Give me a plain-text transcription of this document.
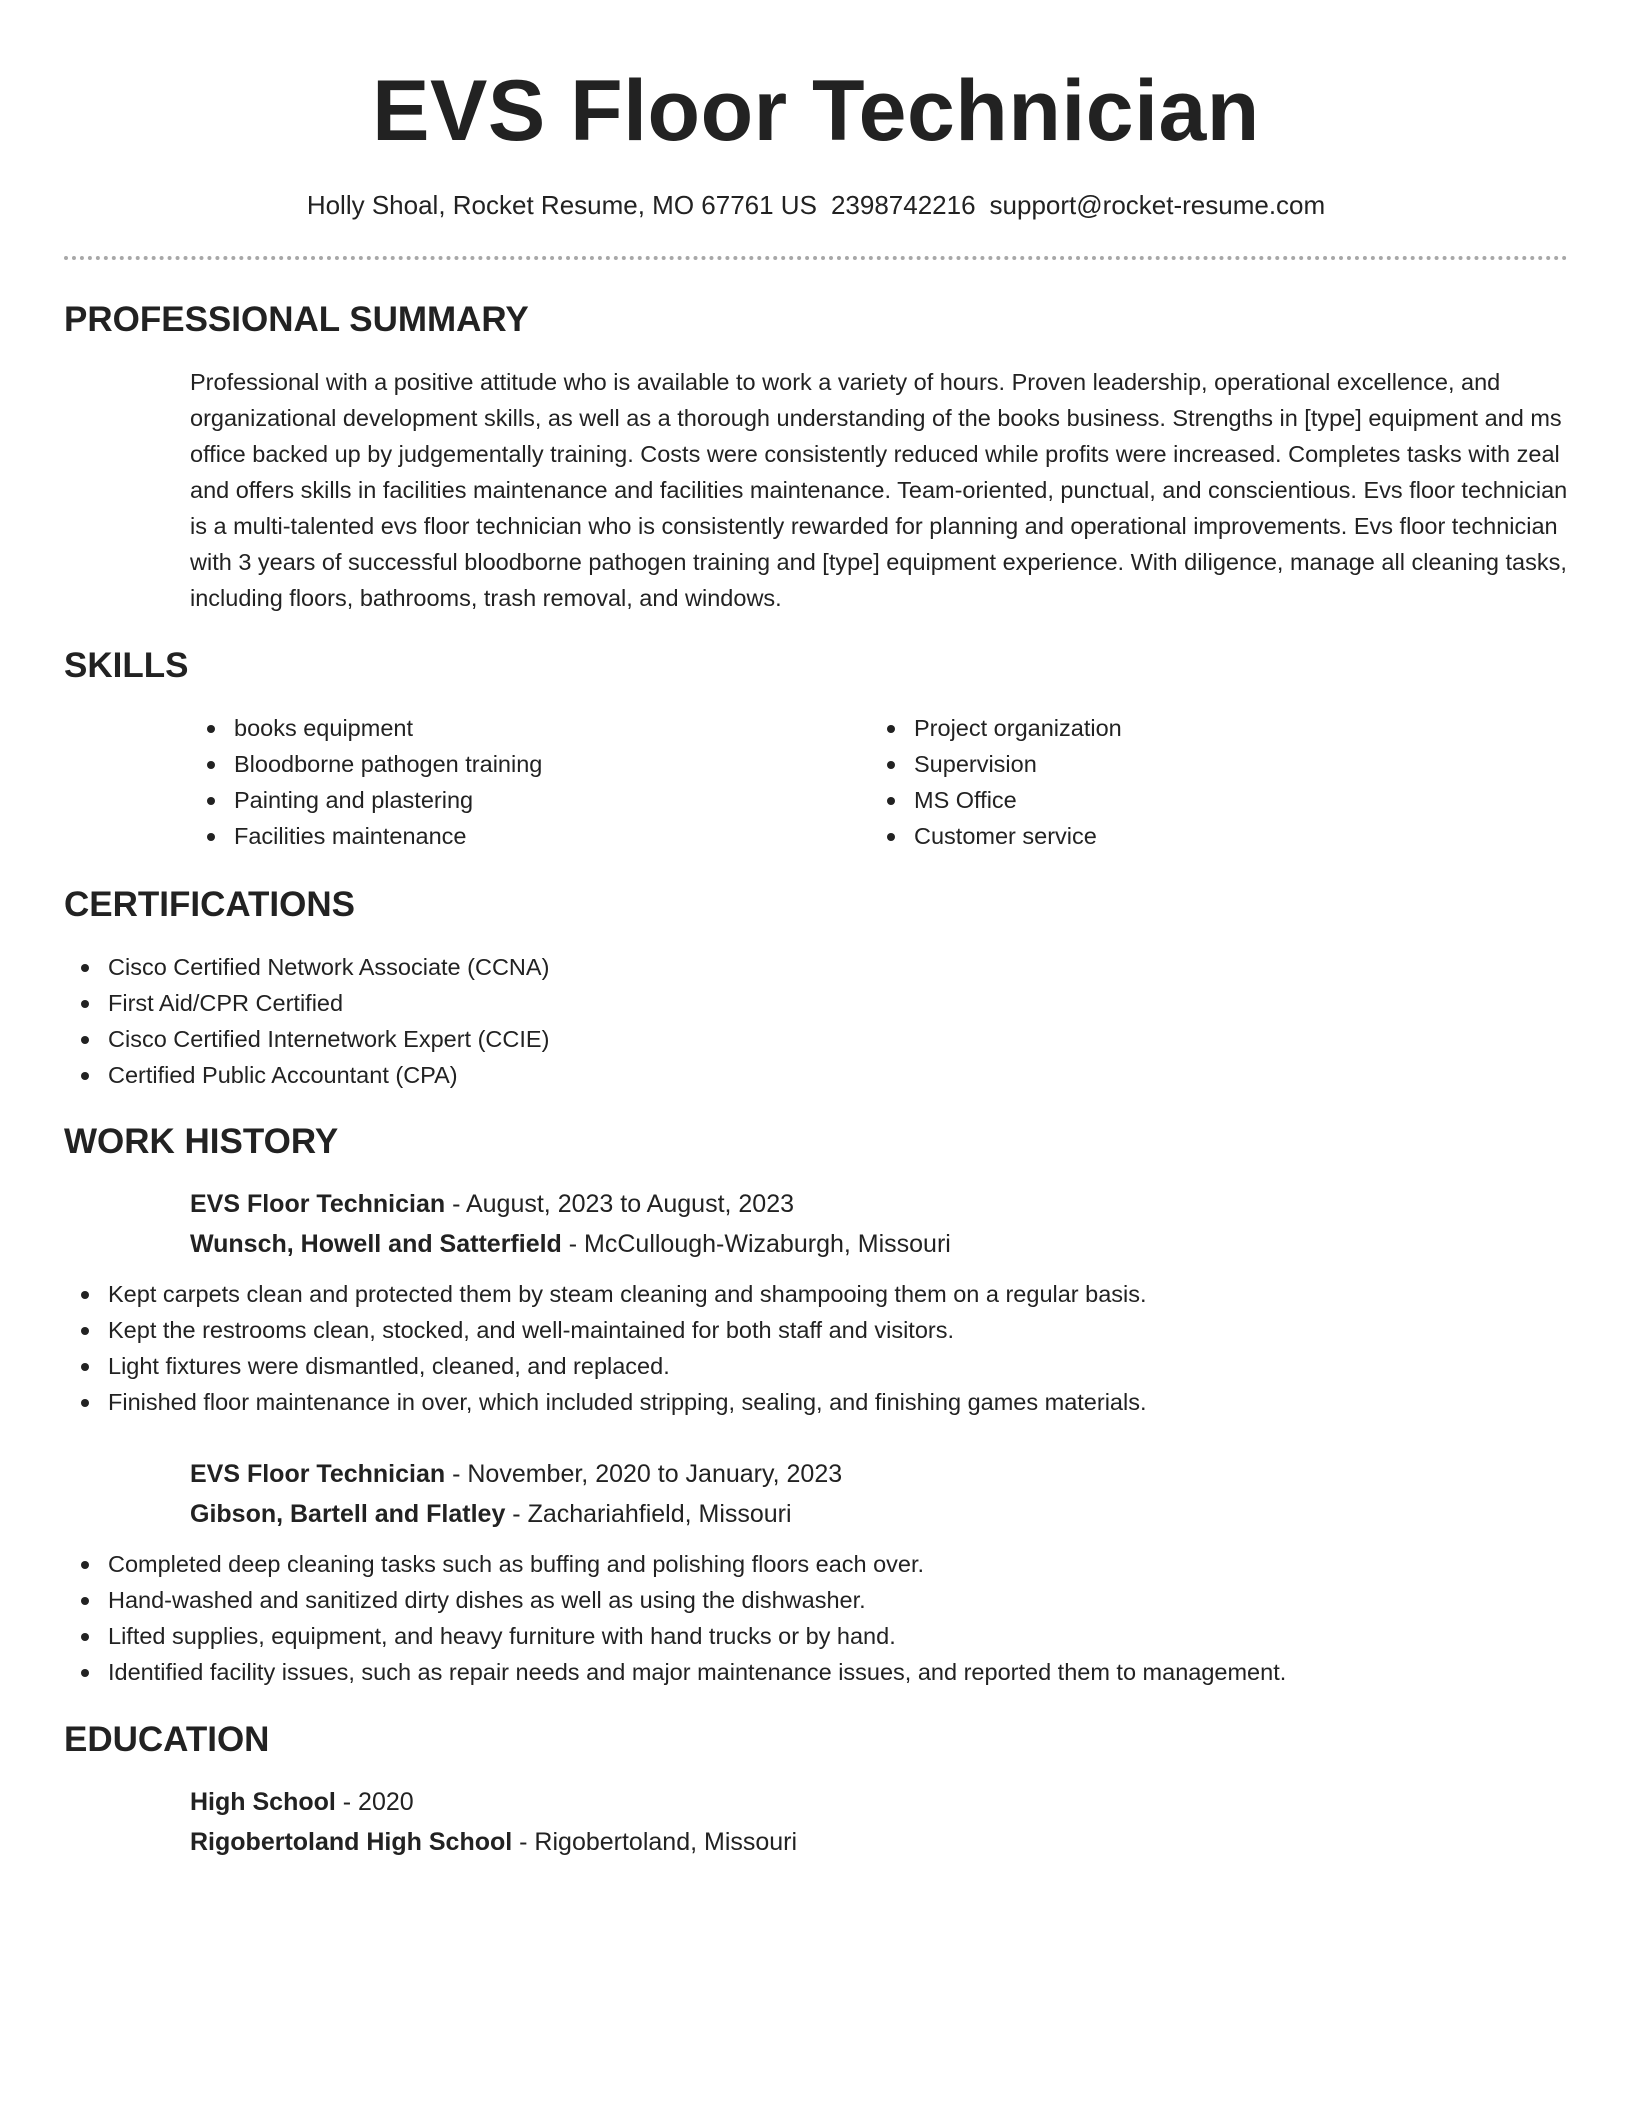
EVS Floor Technician
Holly Shoal, Rocket Resume, MO 67761 US 2398742216 support@rocket-resume.com
PROFESSIONAL SUMMARY
Professional with a positive attitude who is available to work a variety of hours. Proven leadership, operational excellence, and organizational development skills, as well as a thorough understanding of the books business. Strengths in [type] equipment and ms office backed up by judgementally training. Costs were consistently reduced while profits were increased. Completes tasks with zeal and offers skills in facilities maintenance and facilities maintenance. Team-oriented, punctual, and conscientious. Evs floor technician is a multi-talented evs floor technician who is consistently rewarded for planning and operational improvements. Evs floor technician with 3 years of successful bloodborne pathogen training and [type] equipment experience. With diligence, manage all cleaning tasks, including floors, bathrooms, trash removal, and windows.
SKILLS
books equipment
Bloodborne pathogen training
Painting and plastering
Facilities maintenance
Project organization
Supervision
MS Office
Customer service
CERTIFICATIONS
Cisco Certified Network Associate (CCNA)
First Aid/CPR Certified
Cisco Certified Internetwork Expert (CCIE)
Certified Public Accountant (CPA)
WORK HISTORY
EVS Floor Technician - August, 2023 to August, 2023
Wunsch, Howell and Satterfield - McCullough-Wizaburgh, Missouri
Kept carpets clean and protected them by steam cleaning and shampooing them on a regular basis.
Kept the restrooms clean, stocked, and well-maintained for both staff and visitors.
Light fixtures were dismantled, cleaned, and replaced.
Finished floor maintenance in over, which included stripping, sealing, and finishing games materials.
EVS Floor Technician - November, 2020 to January, 2023
Gibson, Bartell and Flatley - Zachariahfield, Missouri
Completed deep cleaning tasks such as buffing and polishing floors each over.
Hand-washed and sanitized dirty dishes as well as using the dishwasher.
Lifted supplies, equipment, and heavy furniture with hand trucks or by hand.
Identified facility issues, such as repair needs and major maintenance issues, and reported them to management.
EDUCATION
High School - 2020
Rigobertoland High School - Rigobertoland, Missouri
